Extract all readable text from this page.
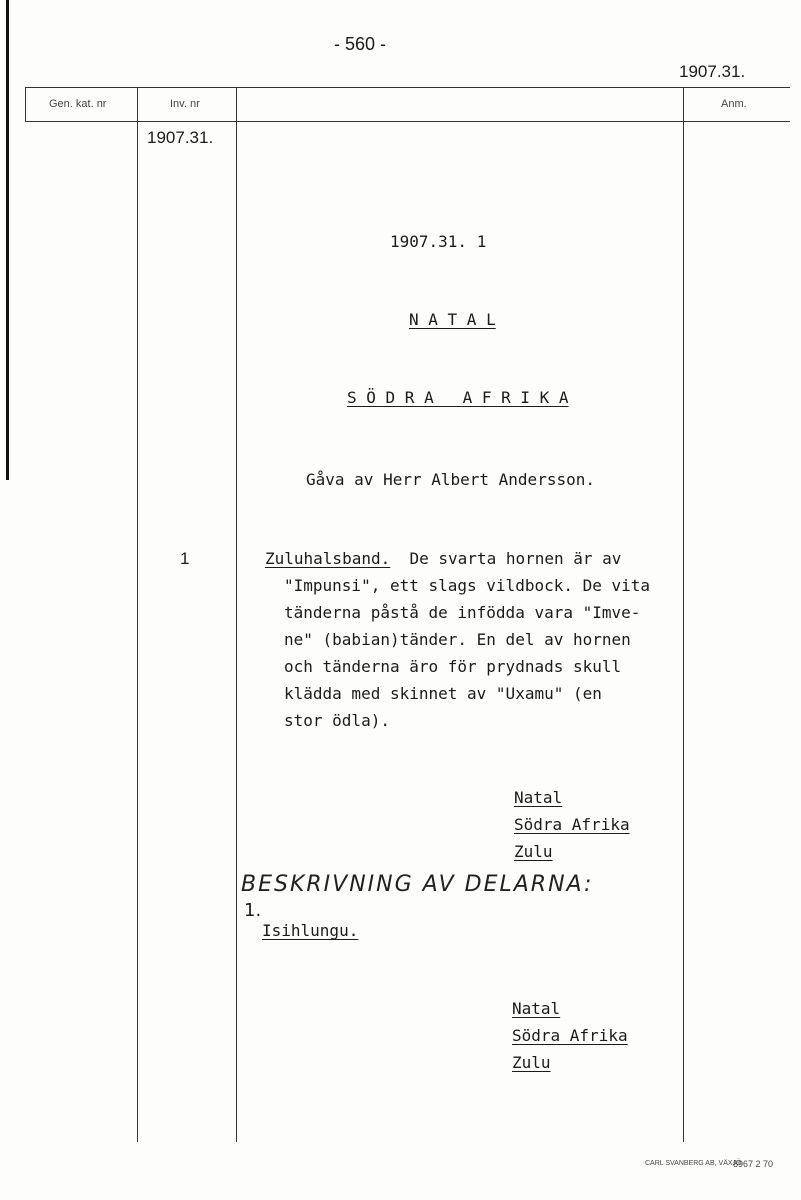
- 560 -
1907.31.
Gen. kat. nr	Inv. nr	Anm.
1907.31.
1
1907.31. 1
N A T A L
S Ö D R A   A F R I K A
Gåva av Herr Albert Andersson.
Zuluhalsband. De svarta hornen är av
"Impunsi", ett slags vildbock. De vita
tänderna påstå de infödda vara "Imve-
ne" (babian)tänder. En del av hornen
och tänderna äro för prydnads skull
klädda med skinnet av "Uxamu" (en
stor ödla).
Natal
Södra Afrika
Zulu
BESKRIVNING AV DELARNA:
1.
Isihlungu.
Natal
Södra Afrika
Zulu
CARL SVANBERG AB, VÄXJÖ
8967 2 70
